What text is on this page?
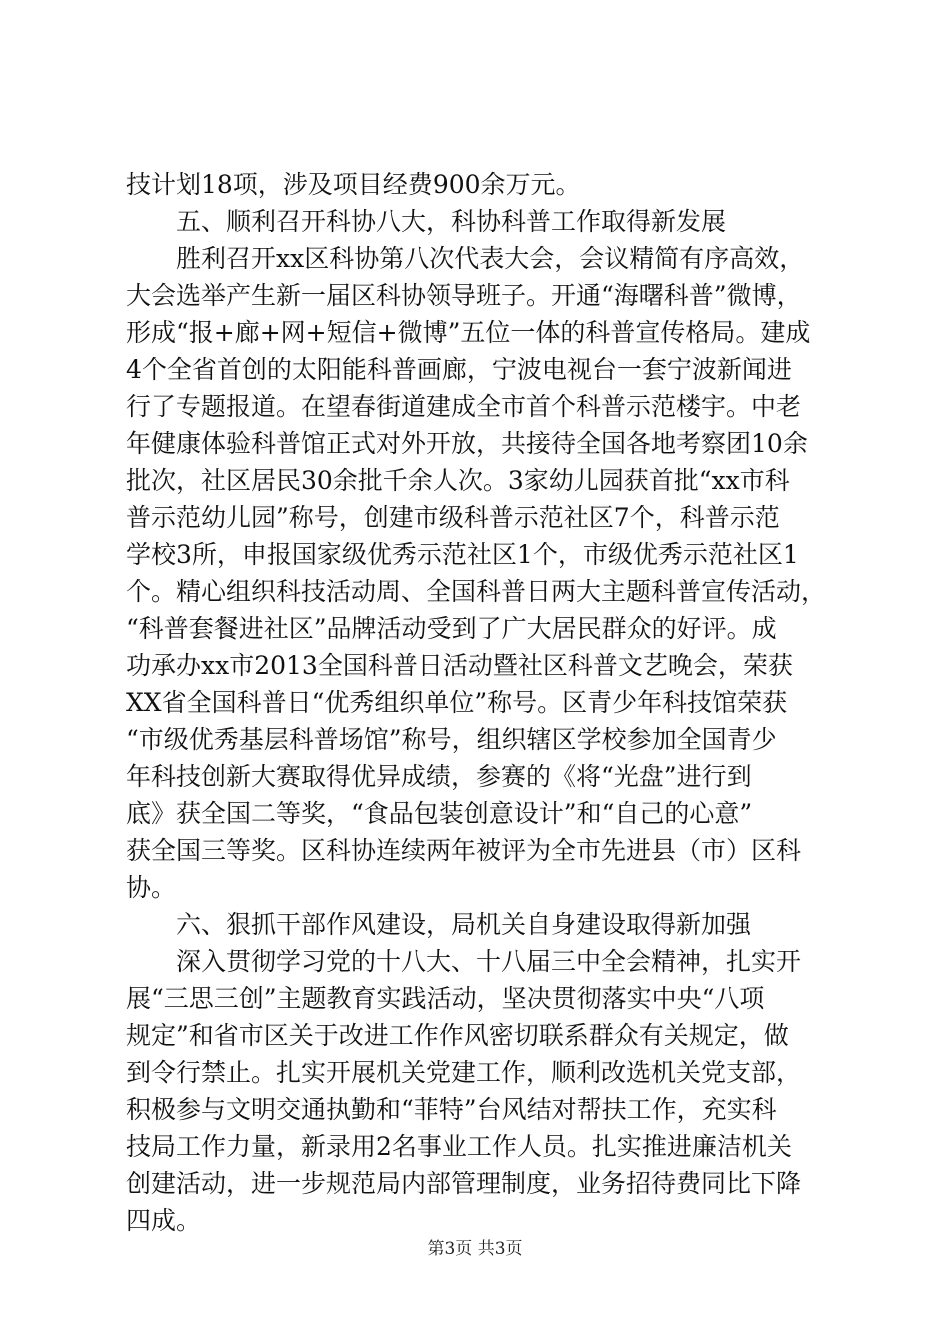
技计划18项，涉及项目经费900余万元。
五、顺利召开科协八大，科协科普工作取得新发展
胜利召开xx区科协第八次代表大会，会议精简有序高效，
大会选举产生新一届区科协领导班子。开通“海曙科普”微博，
形成“报+廊+网+短信+微博”五位一体的科普宣传格局。建成
4个全省首创的太阳能科普画廊，宁波电视台一套宁波新闻进
行了专题报道。在望春街道建成全市首个科普示范楼宇。中老
年健康体验科普馆正式对外开放，共接待全国各地考察团10余
批次，社区居民30余批千余人次。3家幼儿园获首批“xx市科
普示范幼儿园”称号，创建市级科普示范社区7个，科普示范
学校3所，申报国家级优秀示范社区1个，市级优秀示范社区1
个。精心组织科技活动周、全国科普日两大主题科普宣传活动，
“科普套餐进社区”品牌活动受到了广大居民群众的好评。成
功承办xx市2013全国科普日活动暨社区科普文艺晚会，荣获
XX省全国科普日“优秀组织单位”称号。区青少年科技馆荣获
“市级优秀基层科普场馆”称号，组织辖区学校参加全国青少
年科技创新大赛取得优异成绩，参赛的《将“光盘”进行到
底》获全国二等奖，“食品包装创意设计”和“自己的心意”
获全国三等奖。区科协连续两年被评为全市先进县（市）区科
协。
六、狠抓干部作风建设，局机关自身建设取得新加强
深入贯彻学习党的十八大、十八届三中全会精神，扎实开
展“三思三创”主题教育实践活动，坚决贯彻落实中央“八项
规定”和省市区关于改进工作作风密切联系群众有关规定，做
到令行禁止。扎实开展机关党建工作，顺利改选机关党支部，
积极参与文明交通执勤和“菲特”台风结对帮扶工作，充实科
技局工作力量，新录用2名事业工作人员。扎实推进廉洁机关
创建活动，进一步规范局内部管理制度，业务招待费同比下降
四成。
第3页 共3页
